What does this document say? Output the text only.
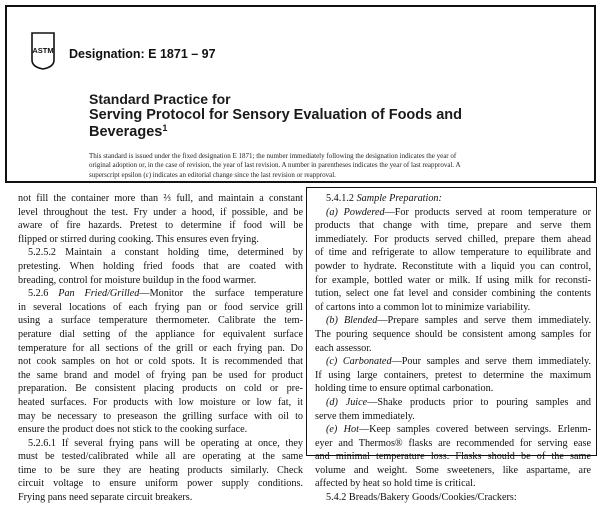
ASTM Designation: E 1871 – 97
Standard Practice for
Serving Protocol for Sensory Evaluation of Foods and
Beverages$^1$
This standard is issued under the fixed designation E 1871; the number immediately following the designation indicates the year of
original adoption or, in the case of revision, the year of last revision. A number in parentheses indicates the year of last reapproval. A
superscript epsilon (ε) indicates an editorial change since the last revision or reapproval.
not fill the container more than ⅔ full, and maintain a constant
level throughout the test. Fry under a hood, if possible, and be
aware of fire hazards. Pretest to determine if food will be
flipped or stirred during cooking. This ensures even frying.
5.2.5.2 Maintain a constant holding time, determined by
pretesting. When holding fried foods that are coated with
breading, control for moisture buildup in the food warmer.
5.2.6 Pan Fried/Grilled—Monitor the surface temperature
in several locations of each frying pan or food service grill
using a surface temperature thermometer. Calibrate the tem-
perature dial setting of the appliance for equivalent surface
temperature for all sections of the grill or each frying pan. Do
not cook samples on hot or cold spots. It is recommended that
the same brand and model of frying pan be used for product
preparation. Be consistent placing products on cold or pre-
heated surfaces. For products with low moisture or low fat, it
may be necessary to preseason the grilling surface with oil to
ensure the product does not stick to the cooking surface.
5.2.6.1 If several frying pans will be operating at once, they
must be tested/calibrated while all are operating at the same
time to be sure they are heating products similarly. Check
circuit voltage to ensure uniform power supply conditions.
Frying pans need separate circuit breakers.
5.4.1.2 Sample Preparation:
(a) Powdered—For products served at room temperature or
products that change with time, prepare and serve them
immediately. For products served chilled, prepare them ahead
of time and refrigerate to allow temperature to equilibrate and
powder to hydrate. Reconstitute with a liquid you can control,
for example, bottled water or milk. If using milk for reconsti-
tution, select one fat level and consider combining the contents
of cartons into a common lot to minimize variability.
(b) Blended—Prepare samples and serve them immediately.
The pouring sequence should be consistent among samples for
each assessor.
(c) Carbonated—Pour samples and serve them immediately.
If using large containers, pretest to determine the maximum
holding time to ensure optimal carbonation.
(d) Juice—Shake products prior to pouring samples and
serve them immediately.
(e) Hot—Keep samples covered between servings. Erlenm-
eyer and Thermos® flasks are recommended for serving ease
and minimal temperature loss. Flasks should be of the same
volume and weight. Some sweeteners, like aspartame, are
affected by heat so hold time is critical.
5.4.2 Breads/Bakery Goods/Cookies/Crackers:
